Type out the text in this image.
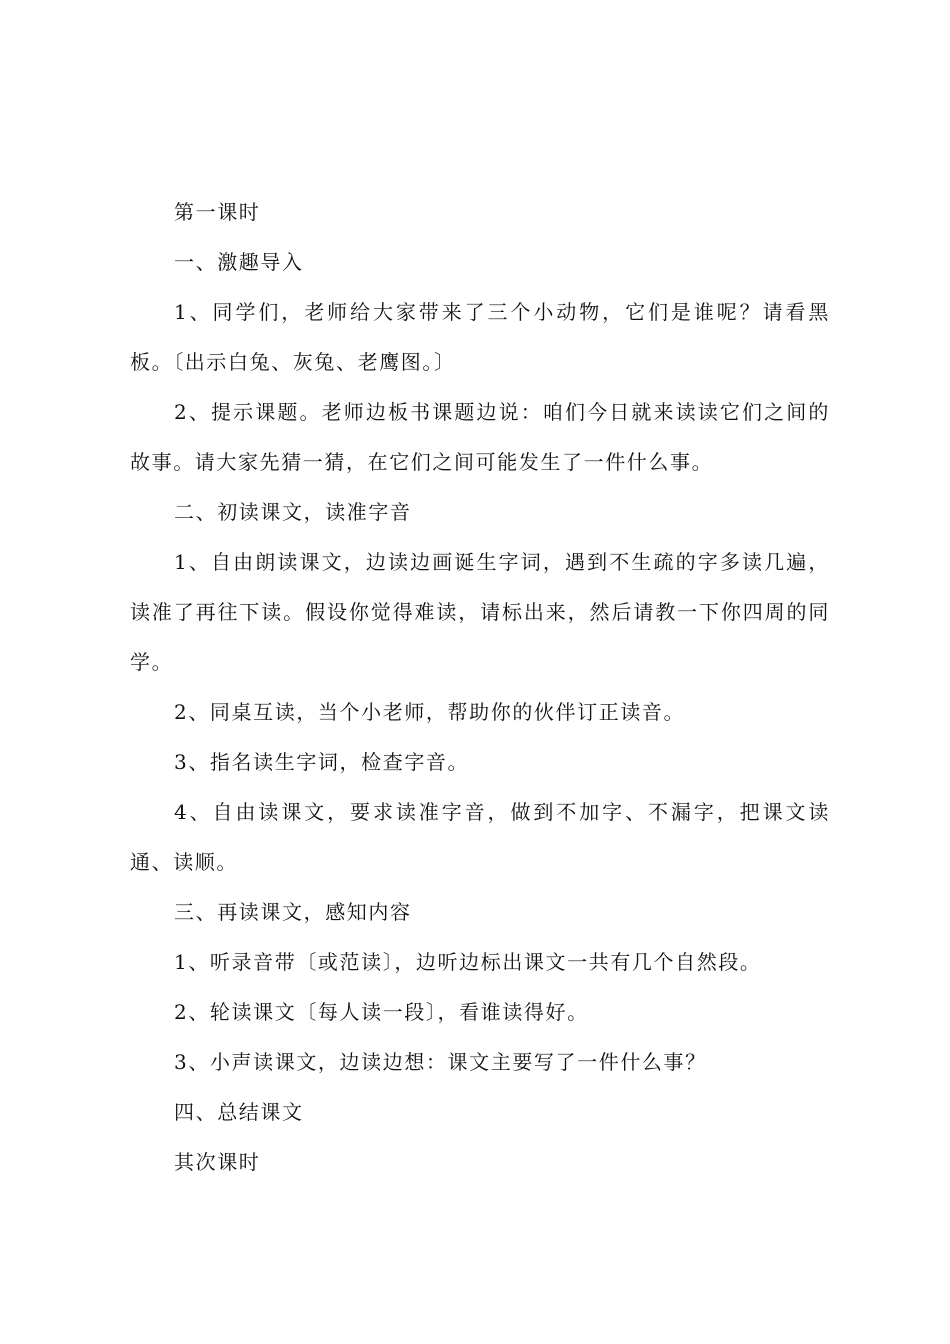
第一课时

一、激趣导入

1、同学们，老师给大家带来了三个小动物，它们是谁呢？请看黑板。〔出示白兔、灰兔、老鹰图。〕

2、提示课题。老师边板书课题边说：咱们今日就来读读它们之间的故事。请大家先猜一猜，在它们之间可能发生了一件什么事。

二、初读课文，读准字音

1、自由朗读课文，边读边画诞生字词，遇到不生疏的字多读几遍，读准了再往下读。假设你觉得难读，请标出来，然后请教一下你四周的同学。

2、同桌互读，当个小老师，帮助你的伙伴订正读音。

3、指名读生字词，检查字音。

4、自由读课文，要求读准字音，做到不加字、不漏字，把课文读通、读顺。

三、再读课文，感知内容

1、听录音带〔或范读〕，边听边标出课文一共有几个自然段。

2、轮读课文〔每人读一段〕，看谁读得好。

3、小声读课文，边读边想：课文主要写了一件什么事？

四、总结课文

其次课时
